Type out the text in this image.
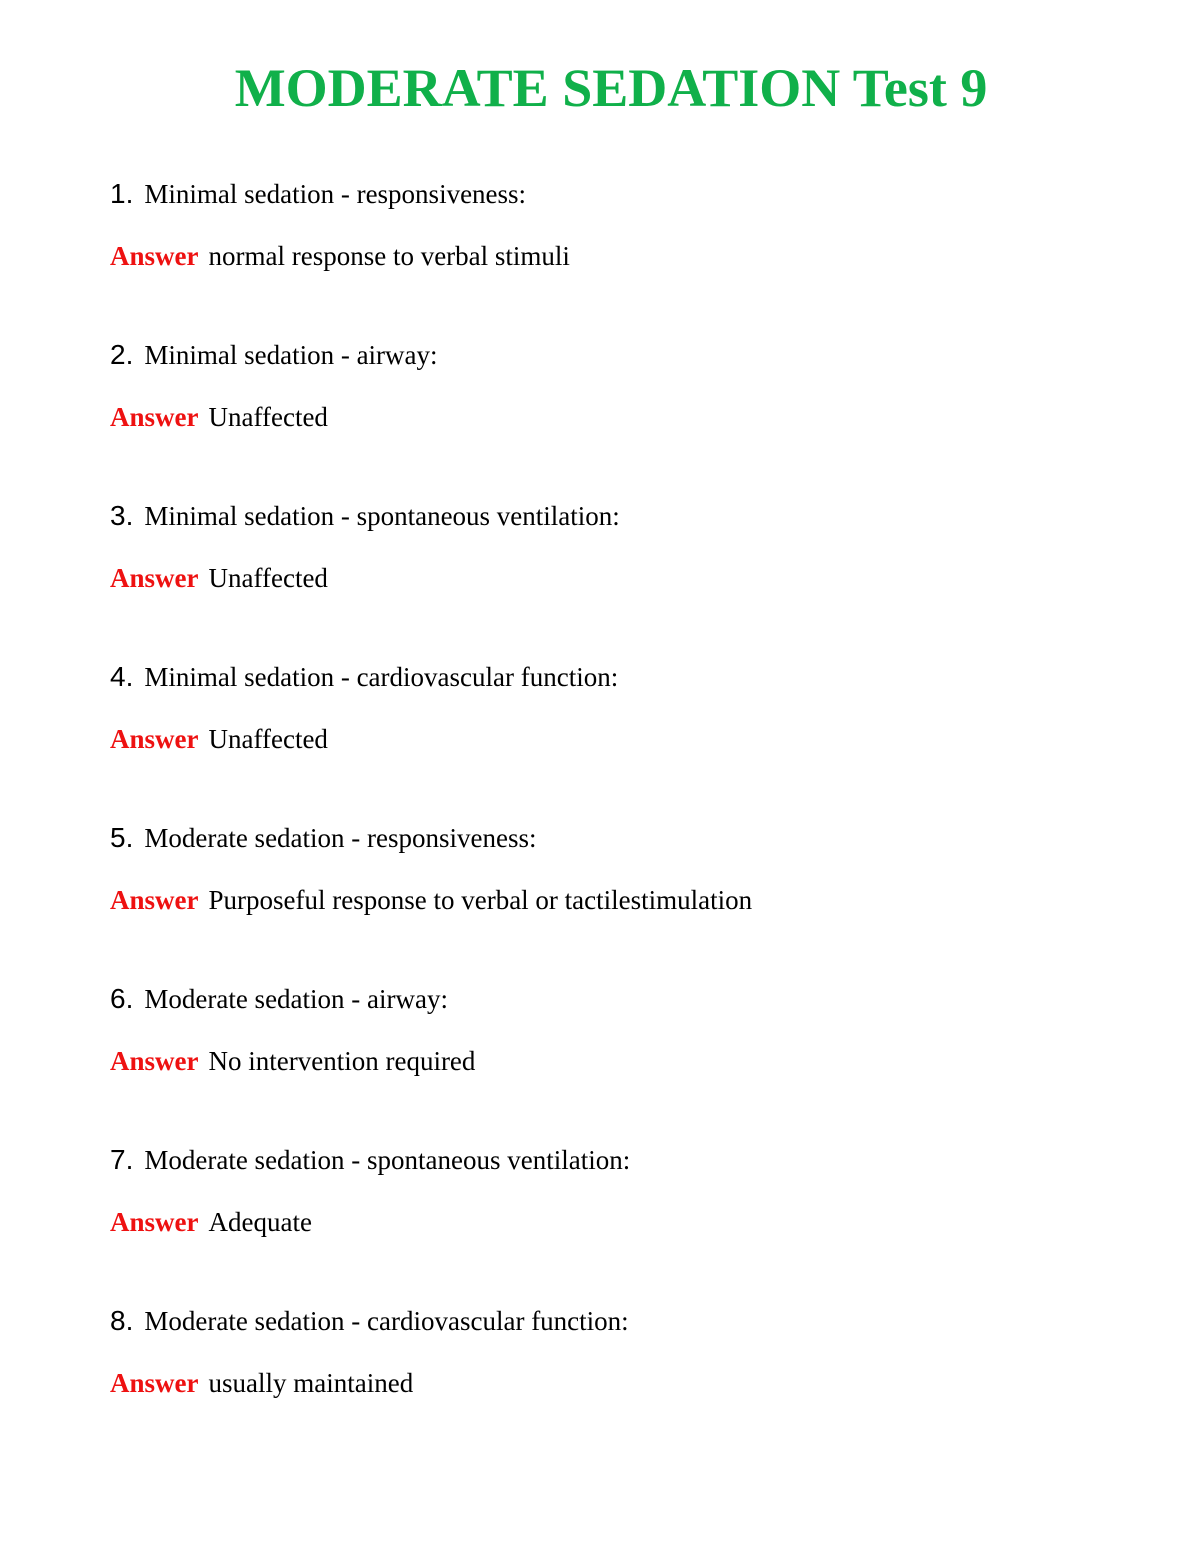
MODERATE SEDATION Test 9
1. Minimal sedation - responsiveness:
Answer normal response to verbal stimuli
2. Minimal sedation - airway:
Answer Unaffected
3. Minimal sedation - spontaneous ventilation:
Answer Unaffected
4. Minimal sedation - cardiovascular function:
Answer Unaffected
5. Moderate sedation - responsiveness:
Answer Purposeful response to verbal or tactilestimulation
6. Moderate sedation - airway:
Answer No intervention required
7. Moderate sedation - spontaneous ventilation:
Answer Adequate
8. Moderate sedation - cardiovascular function:
Answer usually maintained
